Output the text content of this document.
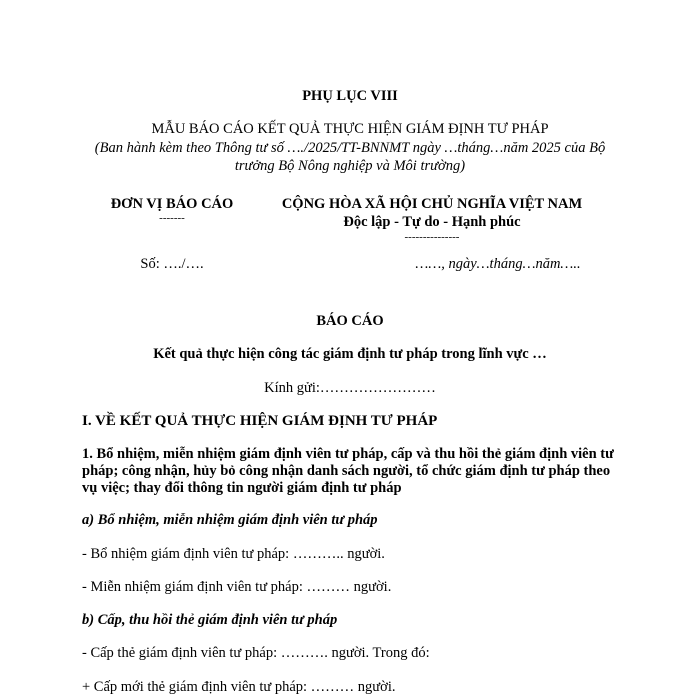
PHỤ LỤC VIII
MẪU BÁO CÁO KẾT QUẢ THỰC HIỆN GIÁM ĐỊNH TƯ PHÁP
(Ban hành kèm theo Thông tư số …./2025/TT-BNNMT ngày …tháng…năm 2025 của Bộ
trưởng Bộ Nông nghiệp và Môi trường)
ĐƠN VỊ BÁO CÁO
-------
Số: …./….
CỘNG HÒA XÃ HỘI CHỦ NGHĨA VIỆT NAM
Độc lập - Tự do - Hạnh phúc
---------------
……, ngày…tháng…năm…..
BÁO CÁO
Kết quả thực hiện công tác giám định tư pháp trong lĩnh vực …
Kính gửi:……………………
I. VỀ KẾT QUẢ THỰC HIỆN GIÁM ĐỊNH TƯ PHÁP
1. Bổ nhiệm, miễn nhiệm giám định viên tư pháp, cấp và thu hồi thẻ giám định viên tư pháp; công nhận, hủy bỏ công nhận danh sách người, tổ chức giám định tư pháp theo vụ việc; thay đổi thông tin người giám định tư pháp
a) Bổ nhiệm, miễn nhiệm giám định viên tư pháp
- Bổ nhiệm giám định viên tư pháp: ……….. người.
- Miễn nhiệm giám định viên tư pháp: ……… người.
b) Cấp, thu hồi thẻ giám định viên tư pháp
- Cấp thẻ giám định viên tư pháp: ………. người. Trong đó:
+ Cấp mới thẻ giám định viên tư pháp: ……… người.
